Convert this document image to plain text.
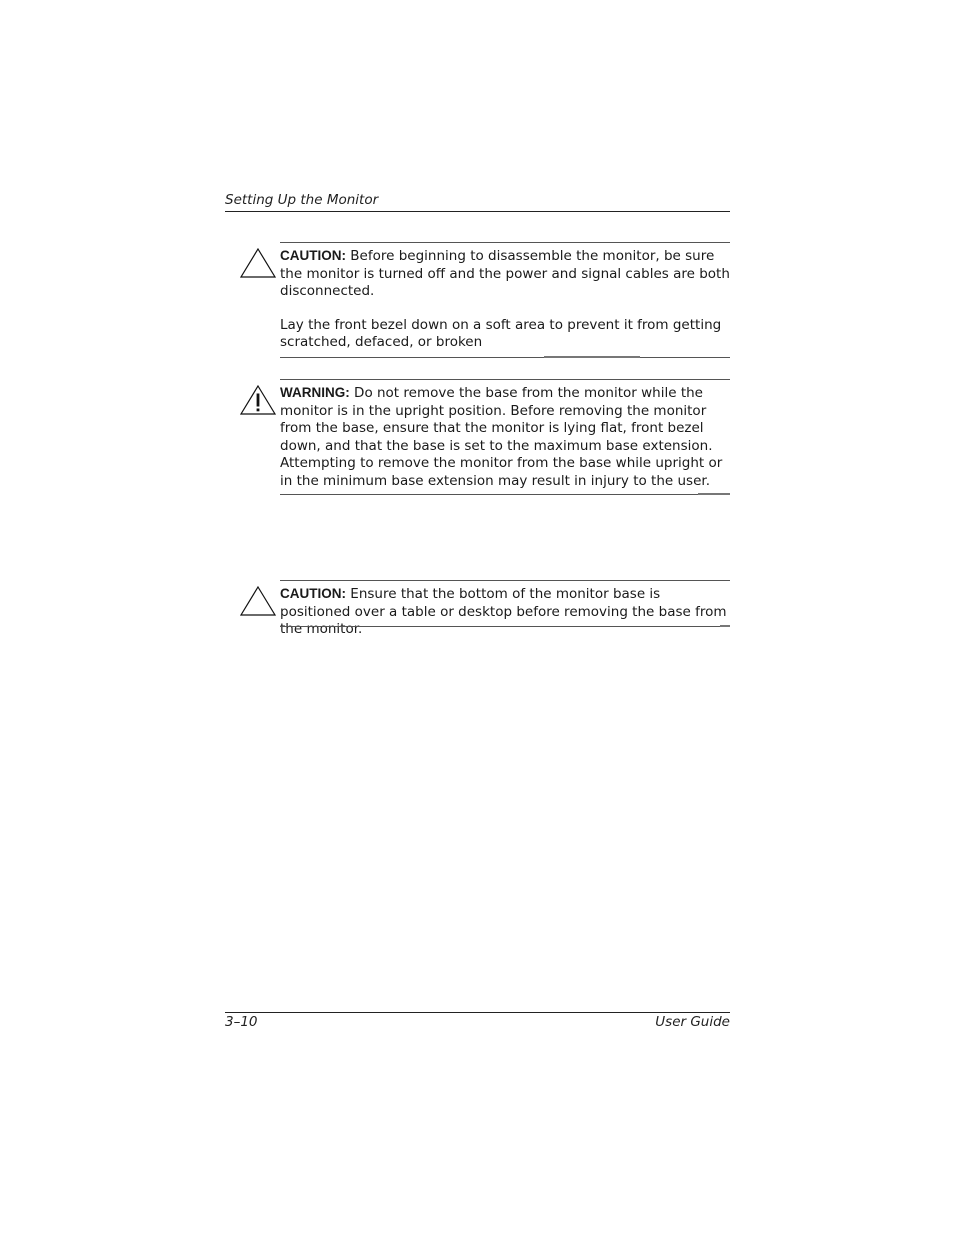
Setting Up the Monitor

CAUTION: Before beginning to disassemble the monitor, be sure the monitor is turned off and the power and signal cables are both disconnected.

Lay the front bezel down on a soft area to prevent it from getting scratched, defaced, or broken

WARNING: Do not remove the base from the monitor while the monitor is in the upright position. Before removing the monitor from the base, ensure that the monitor is lying flat, front bezel down, and that the base is set to the maximum base extension. Attempting to remove the monitor from the base while upright or in the minimum base extension may result in injury to the user.

CAUTION: Ensure that the bottom of the monitor base is positioned over a table or desktop before removing the base from the monitor.

3–10	User Guide
